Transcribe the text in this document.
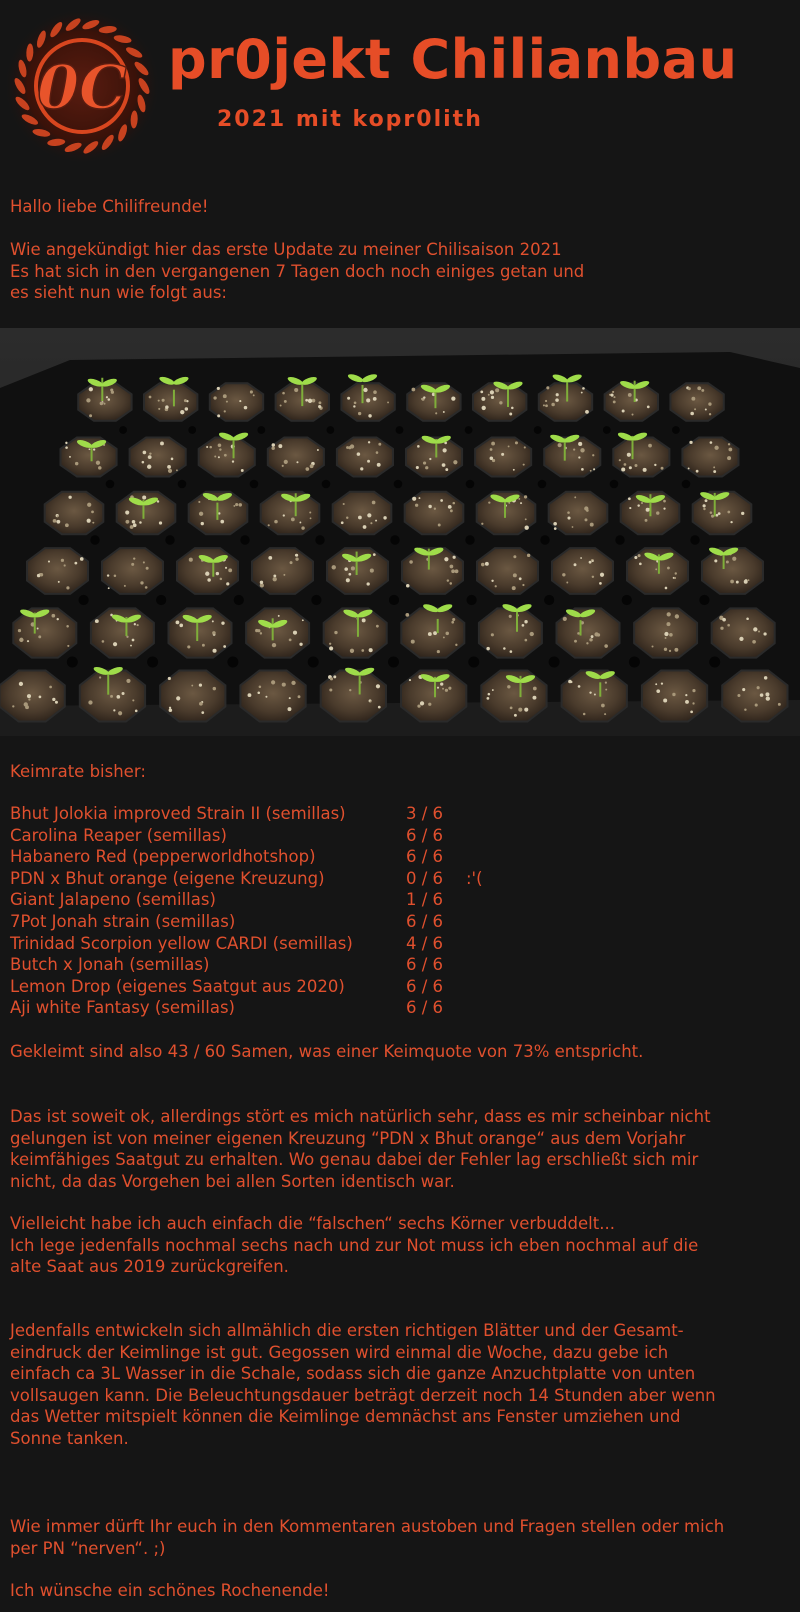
0C pr0jekt Chilianbau
2021 mit kopr0lith

Hallo liebe Chilifreunde!

Wie angekündigt hier das erste Update zu meiner Chilisaison 2021

Es hat sich in den vergangenen 7 Tagen doch noch einiges getan und

es sieht nun wie folgt aus:

Keimrate bisher:

Bhut Jolokia improved Strain II (semillas)	3 / 6	
Carolina Reaper (semillas)	6 / 6	
Habanero Red (pepperworldhotshop)	6 / 6	
PDN x Bhut orange (eigene Kreuzung)	0 / 6	:'(
Giant Jalapeno (semillas)	1 / 6	
7Pot Jonah strain (semillas)	6 / 6	
Trinidad Scorpion yellow CARDI (semillas)	4 / 6	
Butch x Jonah (semillas)	6 / 6	
Lemon Drop (eigenes Saatgut aus 2020)	6 / 6	
Aji white Fantasy (semillas)	6 / 6	

Gekleimt sind also 43 / 60 Samen, was einer Keimquote von 73% entspricht.

Das ist soweit ok, allerdings stört es mich natürlich sehr, dass es mir scheinbar nicht

gelungen ist von meiner eigenen Kreuzung “PDN x Bhut orange“ aus dem Vorjahr

keimfähiges Saatgut zu erhalten. Wo genau dabei der Fehler lag erschließt sich mir

nicht, da das Vorgehen bei allen Sorten identisch war.

Vielleicht habe ich auch einfach die “falschen“ sechs Körner verbuddelt...

Ich lege jedenfalls nochmal sechs nach und zur Not muss ich eben nochmal auf die

alte Saat aus 2019 zurückgreifen.

Jedenfalls entwickeln sich allmählich die ersten richtigen Blätter und der Gesamt-

eindruck der Keimlinge ist gut. Gegossen wird einmal die Woche, dazu gebe ich

einfach ca 3L Wasser in die Schale, sodass sich die ganze Anzuchtplatte von unten

vollsaugen kann. Die Beleuchtungsdauer beträgt derzeit noch 14 Stunden aber wenn

das Wetter mitspielt können die Keimlinge demnächst ans Fenster umziehen und

Sonne tanken.

Wie immer dürft Ihr euch in den Kommentaren austoben und Fragen stellen oder mich

per PN “nerven“. ;)

Ich wünsche ein schönes Rochenende!
